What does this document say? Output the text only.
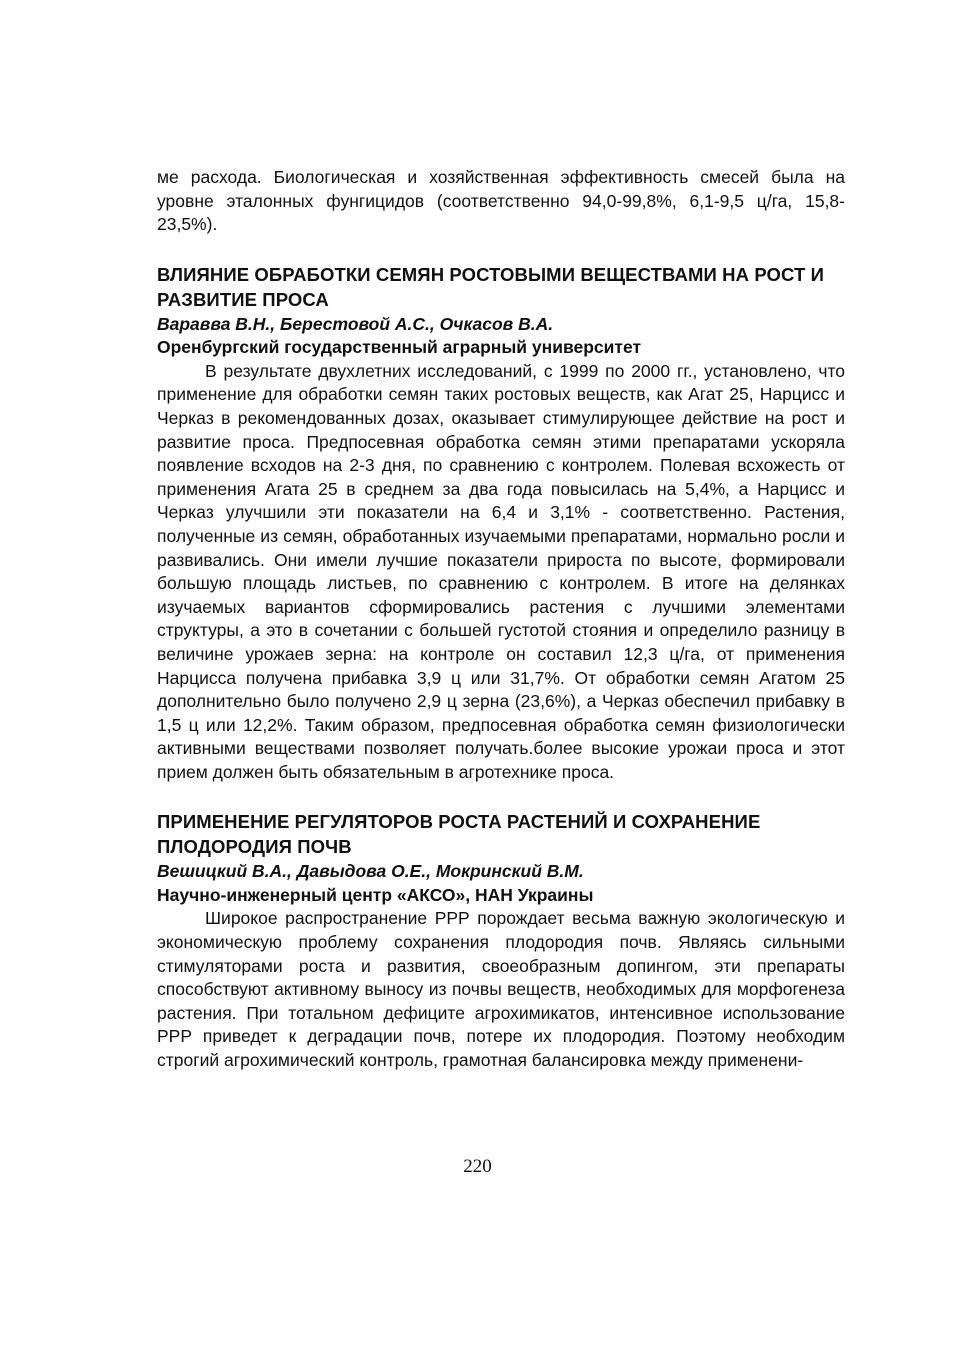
ме расхода. Биологическая и хозяйственная эффективность смесей была на уровне эталонных фунгицидов (соответственно 94,0-99,8%, 6,1-9,5 ц/га, 15,8-23,5%).

ВЛИЯНИЕ ОБРАБОТКИ СЕМЯН РОСТОВЫМИ ВЕЩЕСТВАМИ НА РОСТ И РАЗВИТИЕ ПРОСА
Варавва В.Н., Берестовой А.С., Очкасов В.А.
Оренбургский государственный аграрный университет

В результате двухлетних исследований, с 1999 по 2000 гг., установлено, что применение для обработки семян таких ростовых веществ, как Агат 25, Нарцисс и Черказ в рекомендованных дозах, оказывает стимулирующее действие на рост и развитие проса. Предпосевная обработка семян этими препаратами ускоряла появление всходов на 2-3 дня, по сравнению с контролем. Полевая всхожесть от применения Агата 25 в среднем за два года повысилась на 5,4%, а Нарцисс и Черказ улучшили эти показатели на 6,4 и 3,1% - соответственно. Растения, полученные из семян, обработанных изучаемыми препаратами, нормально росли и развивались. Они имели лучшие показатели прироста по высоте, формировали большую площадь листьев, по сравнению с контролем. В итоге на делянках изучаемых вариантов сформировались растения с лучшими элементами структуры, а это в сочетании с большей густотой стояния и определило разницу в величине урожаев зерна: на контроле он составил 12,3 ц/га, от применения Нарцисса получена прибавка 3,9 ц или 31,7%. От обработки семян Агатом 25 дополнительно было получено 2,9 ц зерна (23,6%), а Черказ обеспечил прибавку в 1,5 ц или 12,2%. Таким образом, предпосевная обработка семян физиологически активными веществами позволяет получать.более высокие урожаи проса и этот прием должен быть обязательным в агротехнике проса.

ПРИМЕНЕНИЕ РЕГУЛЯТОРОВ РОСТА РАСТЕНИЙ И СОХРАНЕНИЕ ПЛОДОРОДИЯ ПОЧВ
Вешицкий В.А., Давыдова О.Е., Мокринский В.М.
Научно-инженерный центр «АКСО», НАН Украины

Широкое распространение РРР порождает весьма важную экологическую и экономическую проблему сохранения плодородия почв. Являясь сильными стимуляторами роста и развития, своеобразным допингом, эти препараты способствуют активному выносу из почвы веществ, необходимых для морфогенеза растения. При тотальном дефиците агрохимикатов, интенсивное использование РРР приведет к деградации почв, потере их плодородия. Поэтому необходим строгий агрохимический контроль, грамотная балансировка между применени-

220
